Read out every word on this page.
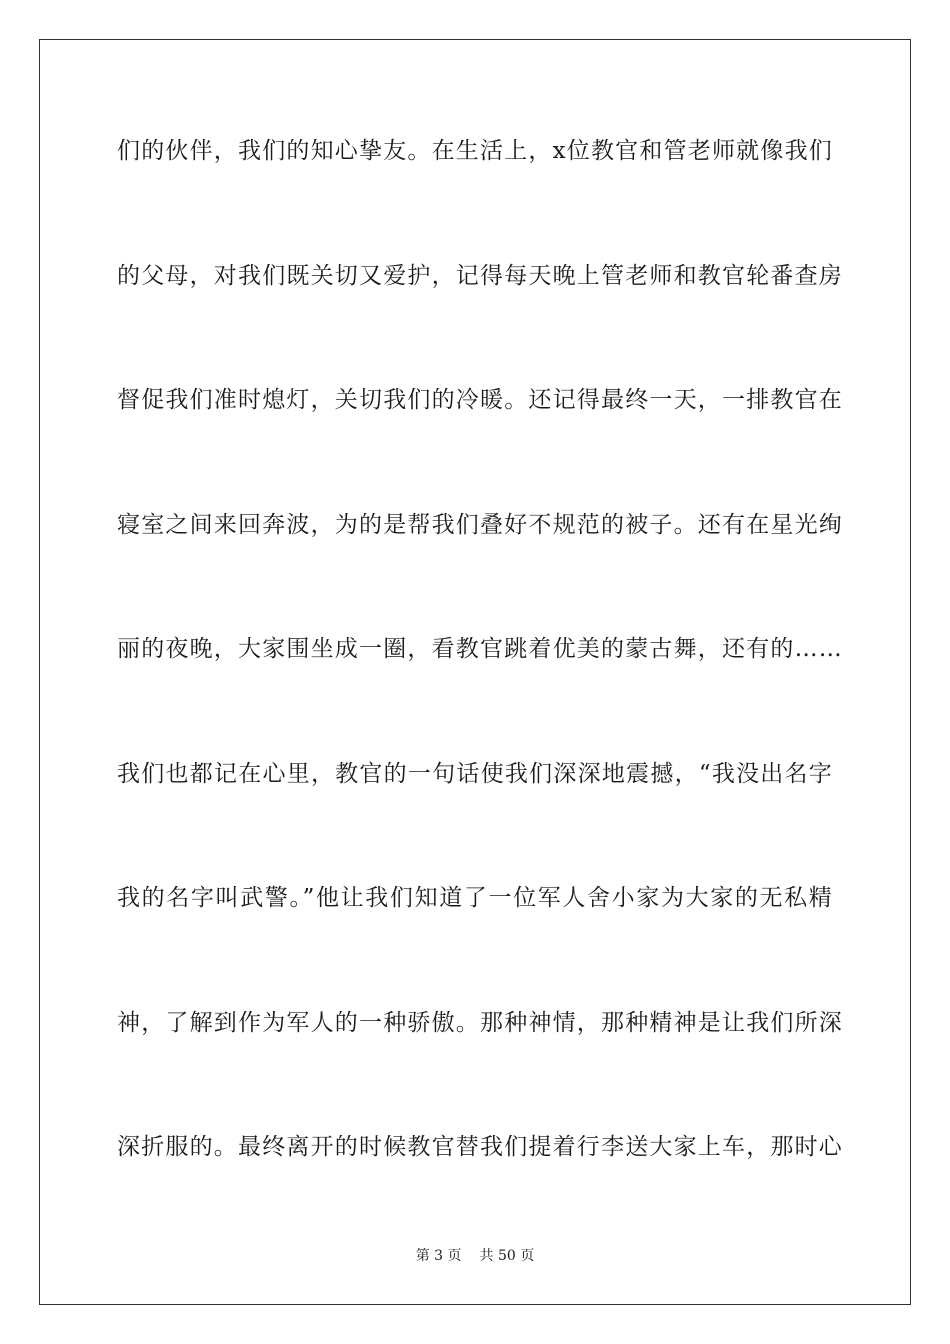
们的伙伴，我们的知心挚友。在生活上，x位教官和管老师就像我们
的父母，对我们既关切又爱护，记得每天晚上管老师和教官轮番查房
督促我们准时熄灯，关切我们的冷暖。还记得最终一天，一排教官在
寝室之间来回奔波，为的是帮我们叠好不规范的被子。还有在星光绚
丽的夜晚，大家围坐成一圈，看教官跳着优美的蒙古舞，还有的……
我们也都记在心里，教官的一句话使我们深深地震撼，“我没出名字
我的名字叫武警。”他让我们知道了一位军人舍小家为大家的无私精
神，了解到作为军人的一种骄傲。那种神情，那种精神是让我们所深
深折服的。最终离开的时候教官替我们提着行李送大家上车，那时心
第 3 页 共 50 页
